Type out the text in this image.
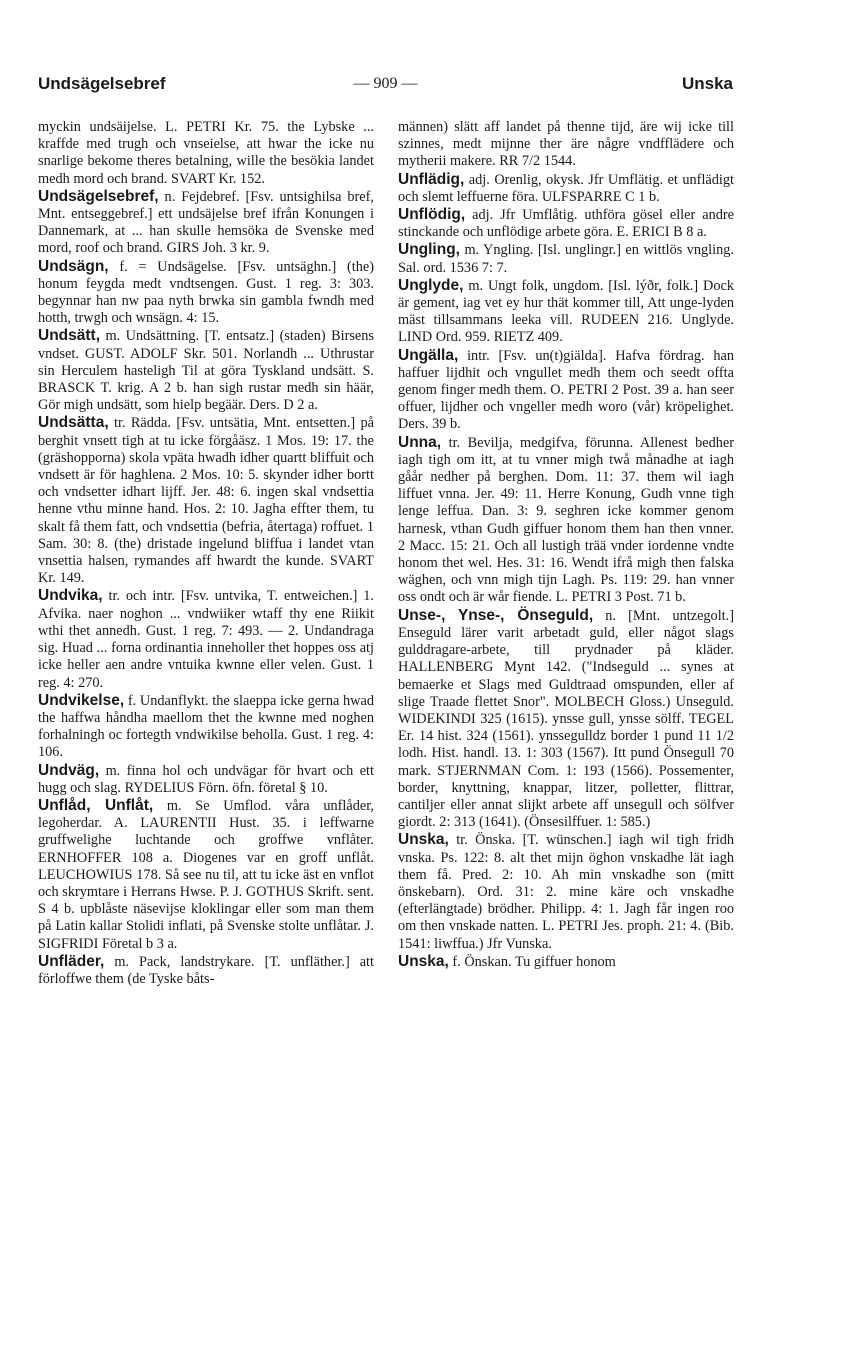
Undsägelsebref	— 909 —	Unska

myckin undsäijelse. L. PETRI Kr. 75. the Lybske ... kraffde med trugh och vnseielse, att hwar the icke nu snarlige bekome theres betalning, wille the besökia landet medh mord och brand. SVART Kr. 152.

Undsägelsebref, n. Fejdebref. [Fsv. untsighilsa bref, Mnt. entseggebref.] ett undsäjelse bref ifrån Konungen i Dannemark, at ... han skulle hemsöka de Svenske med mord, roof och brand. GIRS Joh. 3 kr. 9.

Undsägn, f. = Undsägelse. [Fsv. untsäghn.] (the) honum feygda medt vndtsengen. Gust. 1 reg. 3: 303. begynnar han nw paa nyth brwka sin gambla fwndh med hotth, trwgh och wnsägn. 4: 15.

Undsätt, m. Undsättning. [T. entsatz.] (staden) Birsens vndset. GUST. ADOLF Skr. 501. Norlandh ... Uthrustar sin Herculem hasteligh Til at göra Tyskland undsätt. S. BRASCK T. krig. A 2 b. han sigh rustar medh sin häär, Gör migh undsätt, som hielp begäär. Ders. D 2 a.

Undsätta, tr. Rädda. [Fsv. untsätia, Mnt. entsetten.] på berghit vnsett tigh at tu icke förgåäsz. 1 Mos. 19: 17. the (gräshopporna) skola vpäta hwadh idher quartt bliffuit och vndsett är för haghlena. 2 Mos. 10: 5. skynder idher bortt och vndsetter idhart lijff. Jer. 48: 6. ingen skal vndsettia henne vthu minne hand. Hos. 2: 10. Jagha effter them, tu skalt få them fatt, och vndsettia (befria, återtaga) roffuet. 1 Sam. 30: 8. (the) dristade ingelund bliffua i landet vtan vnsettia halsen, rymandes aff hwardt the kunde. SVART Kr. 149.

Undvika, tr. och intr. [Fsv. untvika, T. entweichen.] 1. Afvika. naer noghon ... vndwiiker wtaff thy ene Riikit wthi thet annedh. Gust. 1 reg. 7: 493. — 2. Undandraga sig. Huad ... forna ordinantia inneholler thet hoppes oss atj icke heller aen andre vntuika kwnne eller velen. Gust. 1 reg. 4: 270.

Undvikelse, f. Undanflykt. the slaeppa icke gerna hwad the haffwa håndha maellom thet the kwnne med noghen forhalningh oc fortegth vndwikilse beholla. Gust. 1 reg. 4: 106.

Undväg, m. finna hol och undvägar för hvart och ett hugg och slag. RYDELIUS Förn. öfn. företal § 10.

Unflåd, Unflåt, m. Se Umflod. våra unflåder, legoherdar. A. LAURENTII Hust. 35. i leffwarne gruffwelighe luchtande och groffwe vnflåter. ERNHOFFER 108 a. Diogenes var en groff unflåt. LEUCHOWIUS 178. Så see nu til, att tu icke äst en vnflot och skrymtare i Herrans Hwse. P. J. GOTHUS Skrift. sent. S 4 b. upblåste näsevijse kloklingar eller som man them på Latin kallar Stolidi inflati, på Svenske stolte unflåtar. J. SIGFRIDI Företal b 3 a.

Unfläder, m. Pack, landstrykare. [T. unfläther.] att förloffwe them (de Tyske båts-

männen) slätt aff landet på thenne tijd, äre wij icke till szinnes, medt mijnne ther äre någre vndfflädere och mytherii makere. RR 7/2 1544.

Unflädig, adj. Orenlig, okysk. Jfr Umflätig. et unflädigt och slemt leffuerne föra. ULFSPARRE C 1 b.

Unflödig, adj. Jfr Umflåtig. uthföra gösel eller andre stinckande och unflödige arbete göra. E. ERICI B 8 a.

Ungling, m. Yngling. [Isl. unglingr.] en wittlös vngling. Sal. ord. 1536 7: 7.

Unglyde, m. Ungt folk, ungdom. [Isl. lýðr, folk.] Dock är gement, iag vet ey hur thät kommer till, Att unge-lyden mäst tillsammans leeka vill. RUDEEN 216. Unglyde. LIND Ord. 959. RIETZ 409.

Ungälla, intr. [Fsv. un(t)giälda]. Hafva fördrag. han haffuer lijdhit och vngullet medh them och seedt offta genom finger medh them. O. PETRI 2 Post. 39 a. han seer offuer, lijdher och vngeller medh woro (vår) kröpelighet. Ders. 39 b.

Unna, tr. Bevilja, medgifva, förunna. Allenest bedher iagh tigh om itt, at tu vnner migh twå månadhe at iagh gåår nedher på berghen. Dom. 11: 37. them wil iagh liffuet vnna. Jer. 49: 11. Herre Konung, Gudh vnne tigh lenge leffua. Dan. 3: 9. seghren icke kommer genom harnesk, vthan Gudh giffuer honom them han then vnner. 2 Macc. 15: 21. Och all lustigh trää vnder iordenne vndte honom thet wel. Hes. 31: 16. Wendt ifrå migh then falska wäghen, och vnn migh tijn Lagh. Ps. 119: 29. han vnner oss ondt och är wår fiende. L. PETRI 3 Post. 71 b.

Unse-, Ynse-, Önseguld, n. [Mnt. untzegolt.] Enseguld lärer varit arbetadt guld, eller något slags gulddragare-arbete, till prydnader på kläder. HALLENBERG Mynt 142. ("Indseguld ... synes at bemaerke et Slags med Guldtraad omspunden, eller af slige Traade flettet Snor". MOLBECH Gloss.) Unseguld. WIDEKINDI 325 (1615). ynsse gull, ynsse sölff. TEGEL Er. 14 hist. 324 (1561). ynssegulldz border 1 pund 11 1/2 lodh. Hist. handl. 13. 1: 303 (1567). Itt pund Önsegull 70 mark. STJERNMAN Com. 1: 193 (1566). Possementer, border, knyttning, knappar, litzer, polletter, flittrar, cantiljer eller annat slijkt arbete aff unsegull och sölfver giordt. 2: 313 (1641). (Önsesilffuer. 1: 585.)

Unska, tr. Önska. [T. wünschen.] iagh wil tigh fridh vnska. Ps. 122: 8. alt thet mijn öghon vnskadhe lät iagh them få. Pred. 2: 10. Ah min vnskadhe son (mitt önskebarn). Ord. 31: 2. mine käre och vnskadhe (efterlängtade) brödher. Philipp. 4: 1. Jagh får ingen roo om then vnskade natten. L. PETRI Jes. proph. 21: 4. (Bib. 1541: liwffua.) Jfr Vunska.

Unska, f. Önskan. Tu giffuer honom
